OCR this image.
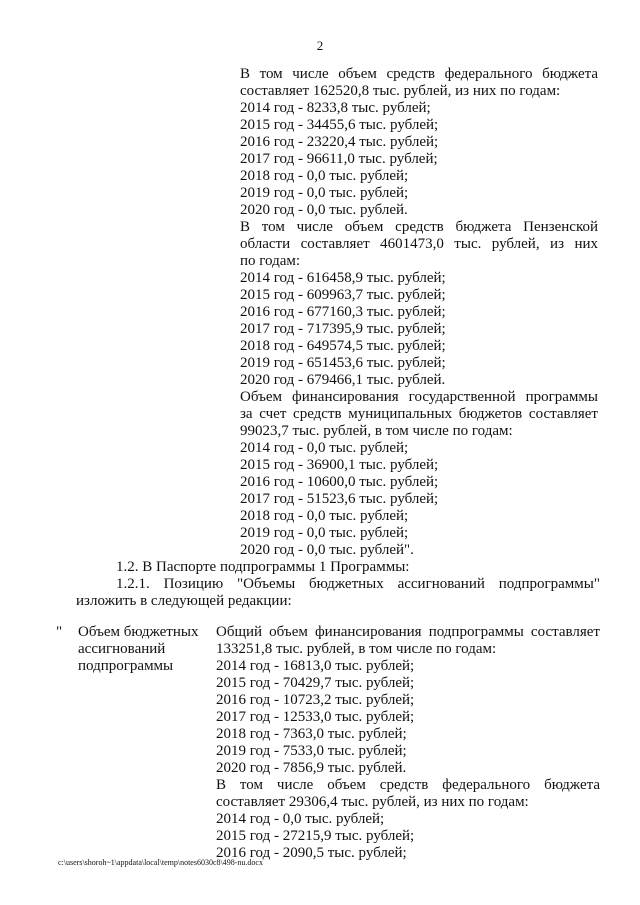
2

В том числе объем средств федерального бюджета

составляет 162520,8 тыс. рублей, из них по годам:

2014 год - 8233,8 тыс. рублей;

2015 год - 34455,6 тыс. рублей;

2016 год - 23220,4 тыс. рублей;

2017 год - 96611,0 тыс. рублей;

2018 год - 0,0 тыс. рублей;

2019 год - 0,0 тыс. рублей;

2020 год - 0,0 тыс. рублей.

В том числе объем средств бюджета Пензенской

области составляет 4601473,0 тыс. рублей, из них

по годам:

2014 год - 616458,9 тыс. рублей;

2015 год - 609963,7 тыс. рублей;

2016 год - 677160,3 тыс. рублей;

2017 год - 717395,9 тыс. рублей;

2018 год - 649574,5 тыс. рублей;

2019 год - 651453,6 тыс. рублей;

2020 год - 679466,1 тыс. рублей.

Объем финансирования государственной программы

за счет средств муниципальных бюджетов составляет

99023,7 тыс. рублей, в том числе по годам:

2014 год - 0,0 тыс. рублей;

2015 год - 36900,1 тыс. рублей;

2016 год - 10600,0 тыс. рублей;

2017 год - 51523,6 тыс. рублей;

2018 год - 0,0 тыс. рублей;

2019 год - 0,0 тыс. рублей;

2020 год - 0,0 тыс. рублей".

1.2. В Паспорте подпрограммы 1 Программы:

1.2.1. Позицию "Объемы бюджетных ассигнований подпрограммы"

изложить в следующей редакции:

"	Объем бюджетных
ассигнований
подпрограммы
Общий объем финансирования подпрограммы составляет
133251,8 тыс. рублей, в том числе по годам:
2014 год - 16813,0 тыс. рублей;
2015 год - 70429,7 тыс. рублей;
2016 год - 10723,2 тыс. рублей;
2017 год - 12533,0 тыс. рублей;
2018 год - 7363,0 тыс. рублей;
2019 год - 7533,0 тыс. рублей;
2020 год - 7856,9 тыс. рублей.
В том числе объем средств федерального бюджета
составляет 29306,4 тыс. рублей, из них по годам:
2014 год - 0,0 тыс. рублей;
2015 год - 27215,9 тыс. рублей;
2016 год - 2090,5 тыс. рублей;
c:\users\shoroh~1\appdata\local\temp\notes6030c8\498-nu.docx
